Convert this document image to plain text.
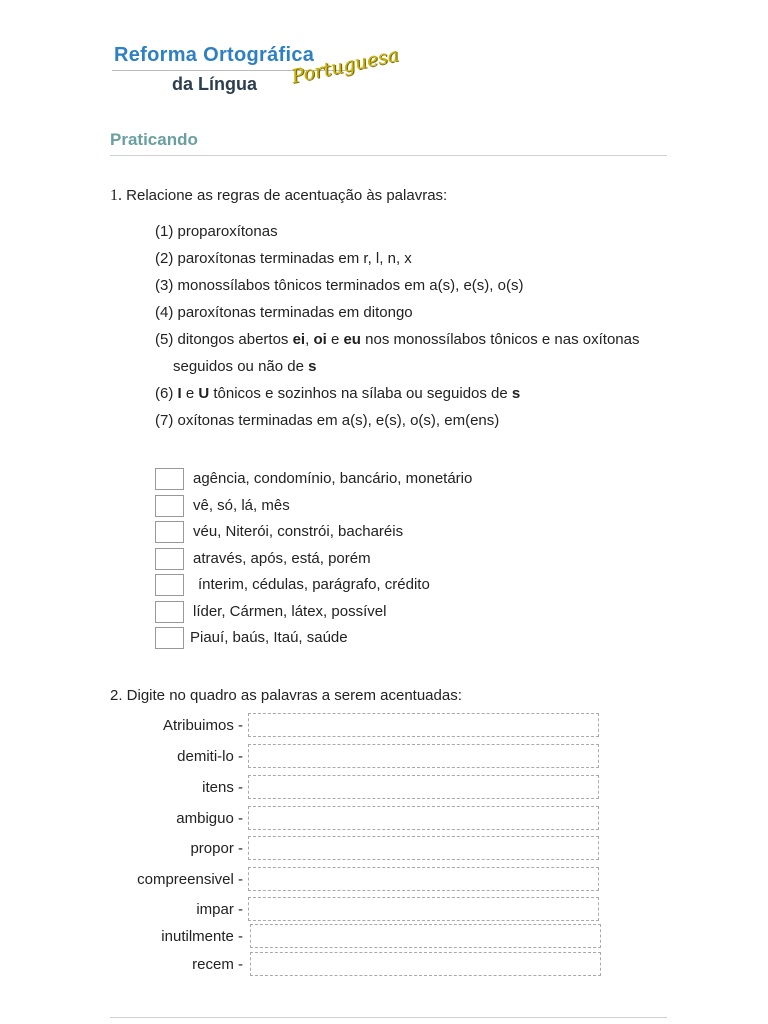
Reforma Ortográfica
da Língua Portuguesa
Praticando
1. Relacione as regras de acentuação às palavras:
(1) proparoxítonas
(2) paroxítonas terminadas em r, l, n, x
(3) monossílabos tônicos terminados em a(s), e(s), o(s)
(4) paroxítonas terminadas em ditongo
(5) ditongos abertos ei, oi e eu nos monossílabos tônicos e nas oxítonas
seguidos ou não de s
(6) I e U tônicos e sozinhos na sílaba ou seguidos de s
(7) oxítonas terminadas em a(s), e(s), o(s), em(ens)
agência, condomínio, bancário, monetário
vê, só, lá, mês
véu, Niterói, constrói, bacharéis
através, após, está, porém
ínterim, cédulas, parágrafo, crédito
líder, Cármen, látex, possível
Piauí, baús, Itaú, saúde
2. Digite no quadro as palavras a serem acentuadas:
Atribuimos -
demiti-lo -
itens -
ambiguo -
propor -
compreensivel -
impar -
inutilmente -
recem -
